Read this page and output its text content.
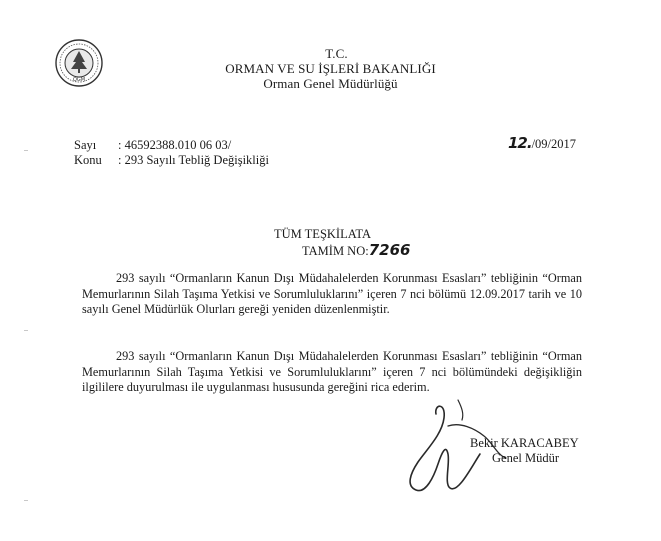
OGM
T.C.
ORMAN VE SU İŞLERİ BAKANLIĞI
Orman Genel Müdürlüğü
Sayı	: 46592388.010 06 03/
Konu	: 293 Sayılı Tebliğ Değişikliği
12./09/2017
TÜM TEŞKİLATA
TAMİM NO:7266
293 sayılı “Ormanların Kanun Dışı Müdahalelerden Korunması Esasları” tebliğinin “Orman Memurlarının Silah Taşıma Yetkisi ve Sorumluluklarını” içeren 7 nci bölümü 12.09.2017 tarih ve 10 sayılı Genel Müdürlük Olurları gereği yeniden düzenlenmiştir.
293 sayılı “Ormanların Kanun Dışı Müdahalelerden Korunması Esasları” tebliğinin “Orman Memurlarının Silah Taşıma Yetkisi ve Sorumluluklarını” içeren 7 nci bölümündeki değişikliğin ilgililere duyurulması ile uygulanması hususunda gereğini rica ederim.
Bekir KARACABEY
Genel Müdür
